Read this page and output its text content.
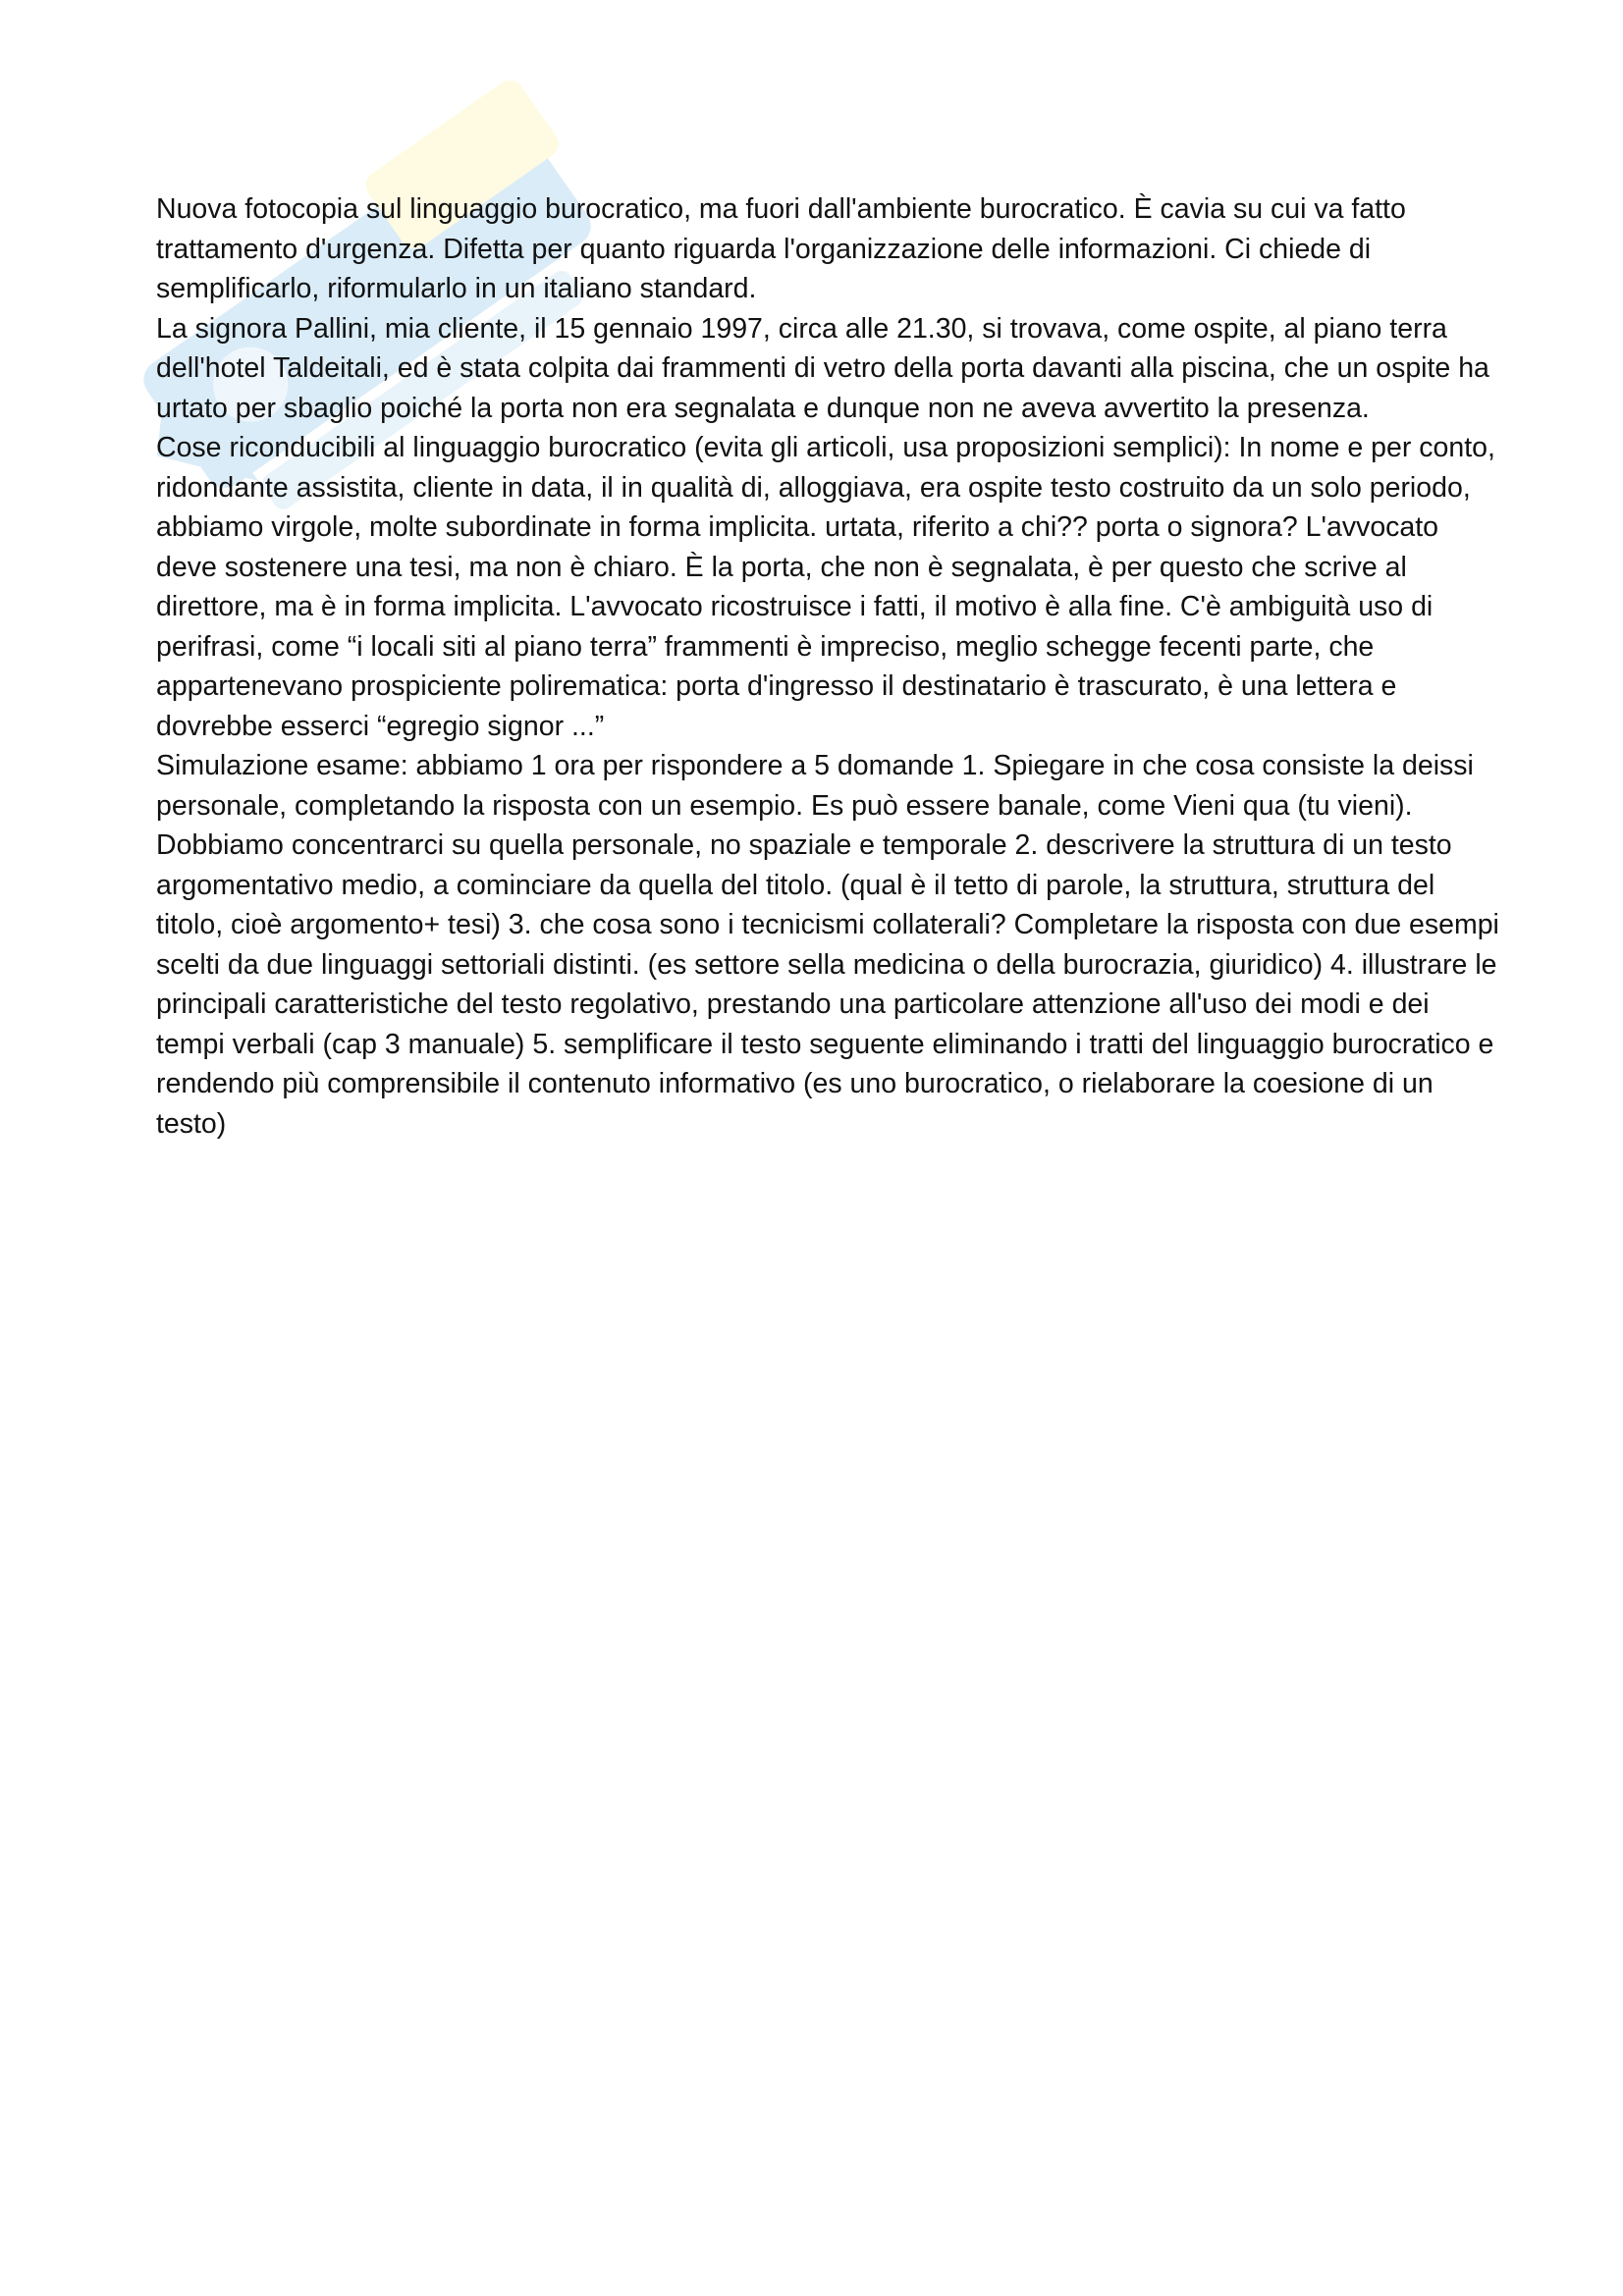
Nuova fotocopia sul linguaggio burocratico, ma fuori dall'ambiente burocratico. È cavia su cui va fatto trattamento d'urgenza. Difetta per quanto riguarda l'organizzazione delle informazioni. Ci chiede di semplificarlo, riformularlo in un italiano standard.

La signora Pallini, mia cliente, il 15 gennaio 1997, circa alle 21.30, si trovava, come ospite, al piano terra dell'hotel Taldeitali, ed è stata colpita dai frammenti di vetro della porta davanti alla piscina, che un ospite ha urtato per sbaglio poiché la porta non era segnalata e dunque non ne aveva avvertito la presenza.

Cose riconducibili al linguaggio burocratico (evita gli articoli, usa proposizioni semplici): In nome e per conto, ridondante assistita, cliente in data, il in qualità di, alloggiava, era ospite testo costruito da un solo periodo, abbiamo virgole, molte subordinate in forma implicita. urtata, riferito a chi?? porta o signora? L'avvocato deve sostenere una tesi, ma non è chiaro. È la porta, che non è segnalata, è per questo che scrive al direttore, ma è in forma implicita. L'avvocato ricostruisce i fatti, il motivo è alla fine. C'è ambiguità uso di perifrasi, come “i locali siti al piano terra” frammenti è impreciso, meglio schegge fecenti parte, che appartenevano prospiciente polirematica: porta d'ingresso il destinatario è trascurato, è una lettera e dovrebbe esserci “egregio signor ...”

Simulazione esame: abbiamo 1 ora per rispondere a 5 domande 1. Spiegare in che cosa consiste la deissi personale, completando la risposta con un esempio. Es può essere banale, come Vieni qua (tu vieni). Dobbiamo concentrarci su quella personale, no spaziale e temporale 2. descrivere la struttura di un testo argomentativo medio, a cominciare da quella del titolo. (qual è il tetto di parole, la struttura, struttura del titolo, cioè argomento+ tesi) 3. che cosa sono i tecnicismi collaterali? Completare la risposta con due esempi scelti da due linguaggi settoriali distinti. (es settore sella medicina o della burocrazia, giuridico) 4. illustrare le principali caratteristiche del testo regolativo, prestando una particolare attenzione all'uso dei modi e dei tempi verbali (cap 3 manuale) 5. semplificare il testo seguente eliminando i tratti del linguaggio burocratico e rendendo più comprensibile il contenuto informativo (es uno burocratico, o rielaborare la coesione di un testo)
